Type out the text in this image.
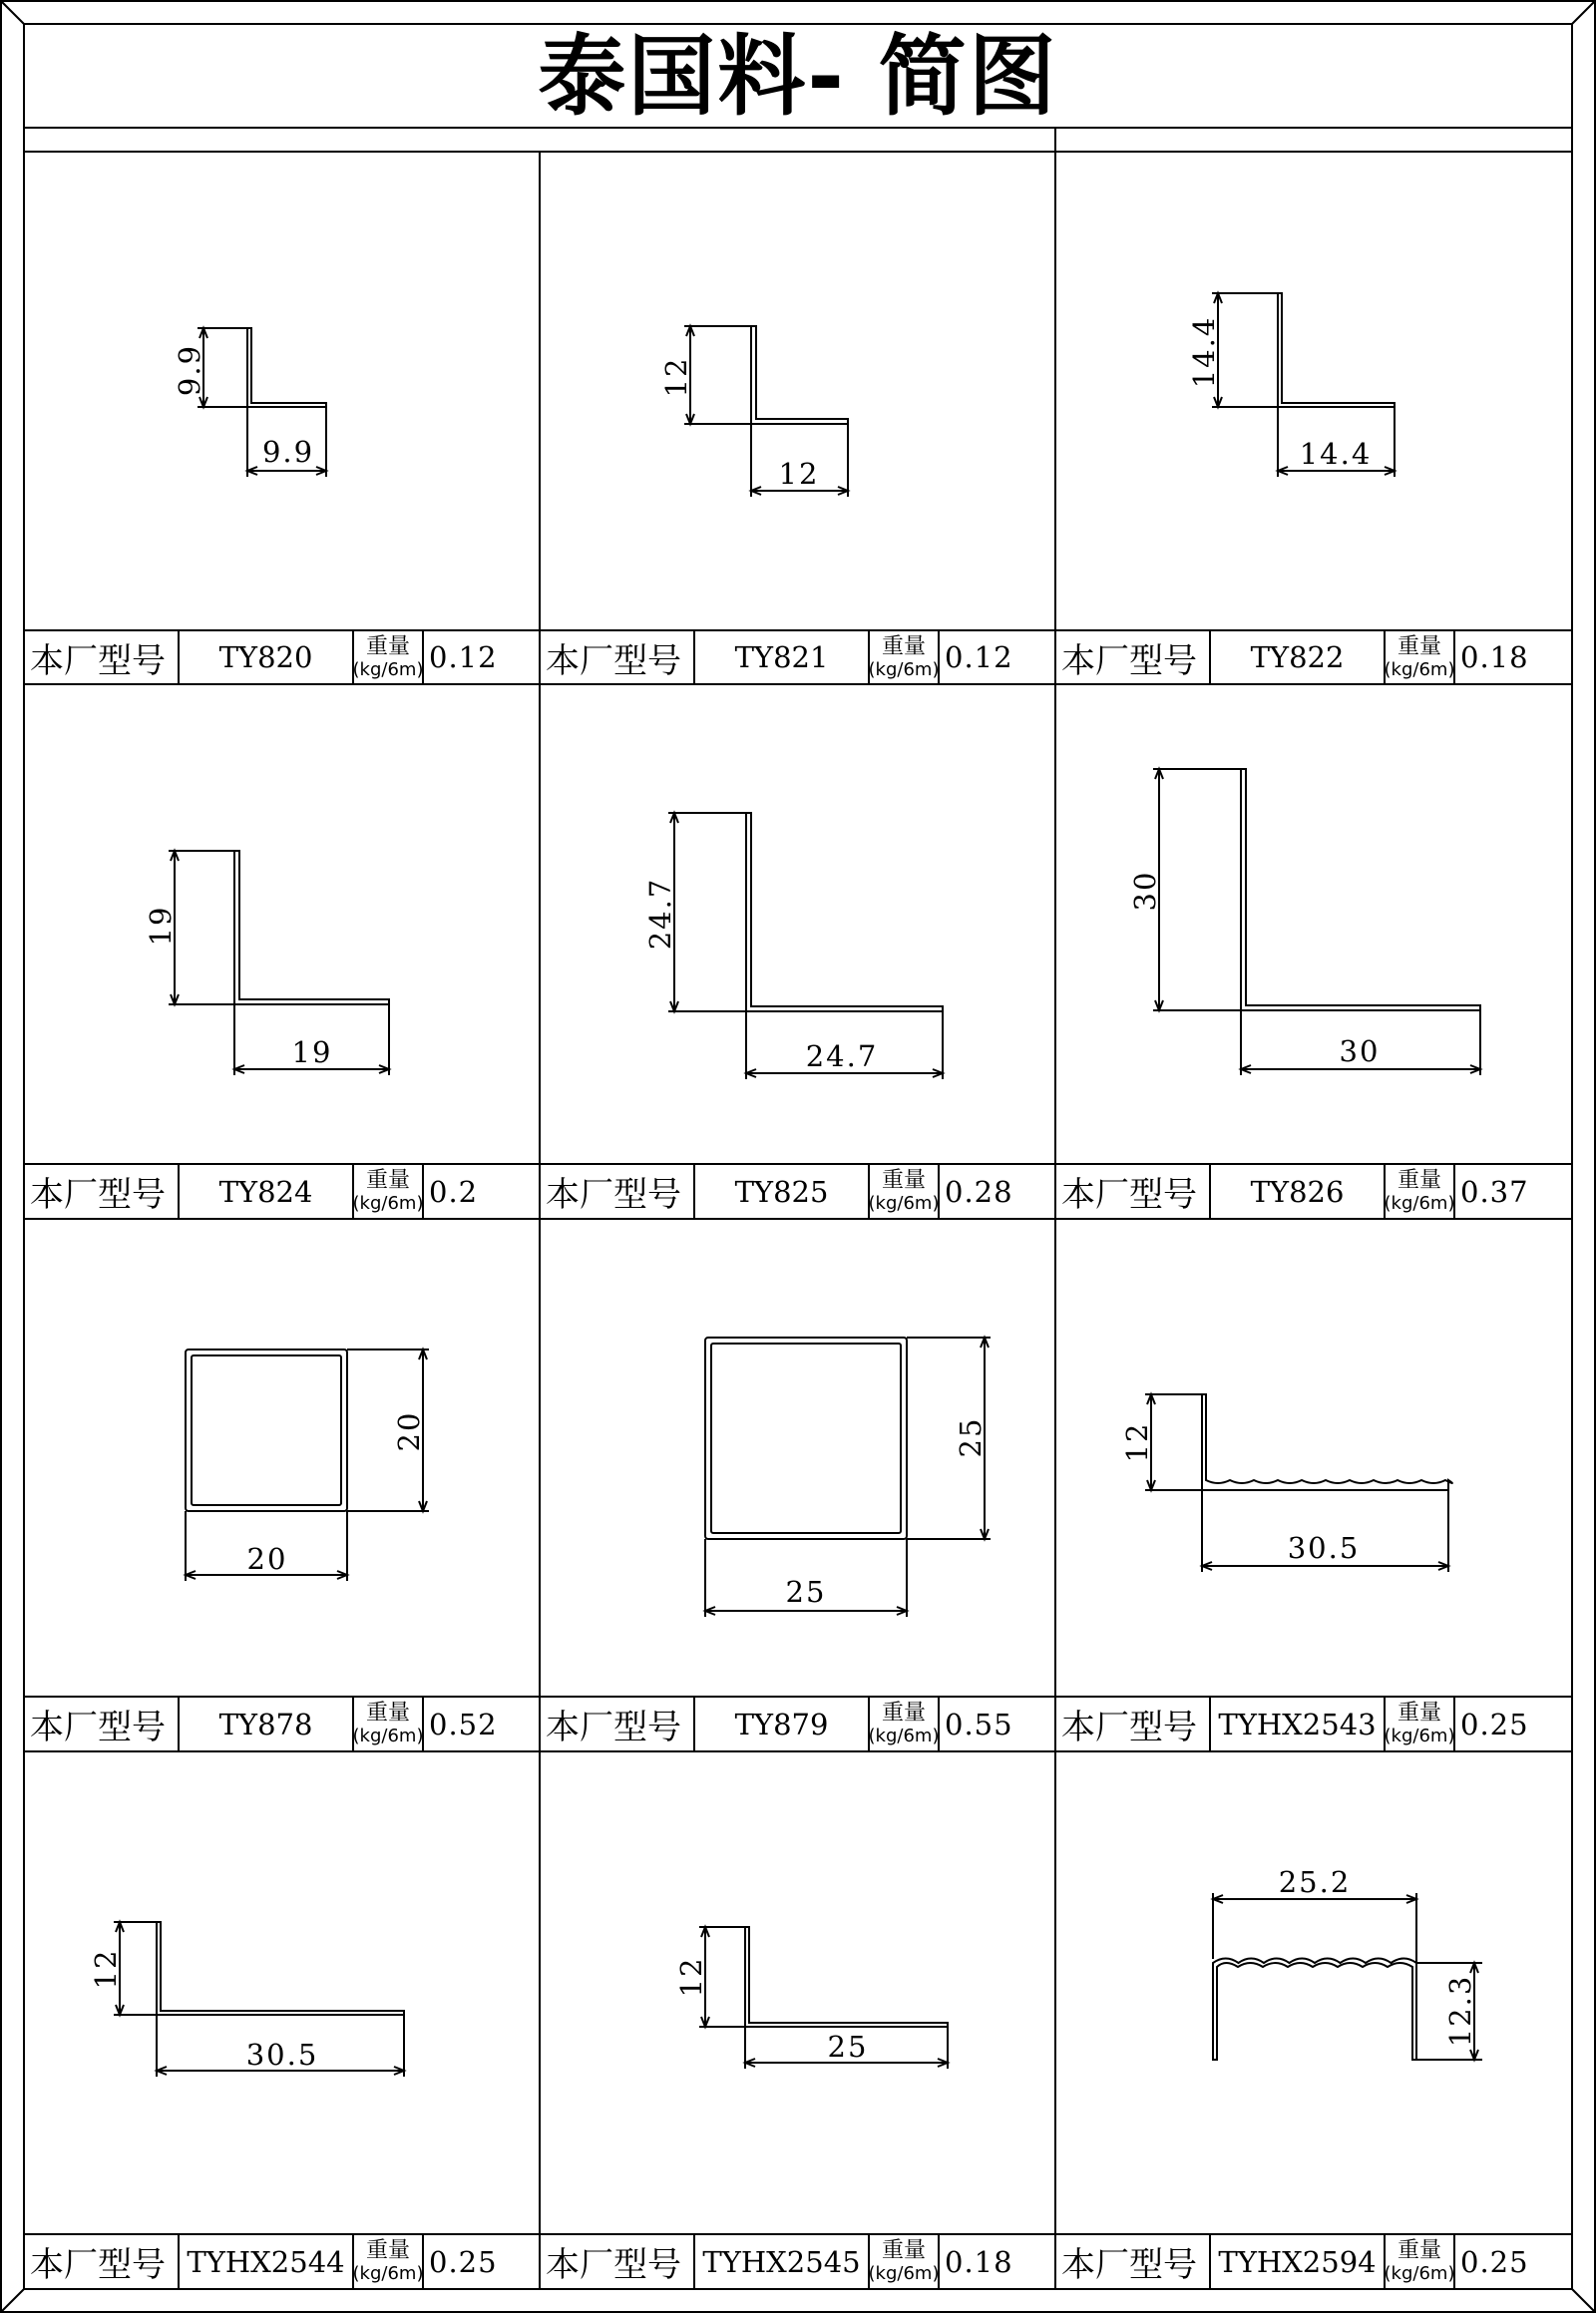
9.9
9.9
12
12
14.4
14.4
19
19
24.7
24.7
30
30
20
20
25
25
12
30.5
12
30.5
12
25
25.2
12.3
泰国料- 简图
本厂型号	TY820	重量
(kg/6m) 0.12 本厂型号	TY821	重量
(kg/6m) 0.12 本厂型号	TY822	重量
(kg/6m) 0.18
本厂型号	TY824	重量
(kg/6m) 0.2 本厂型号	TY825	重量
(kg/6m) 0.28 本厂型号	TY826	重量
(kg/6m) 0.37
本厂型号	TY878	重量
(kg/6m) 0.52 本厂型号	TY879	重量
(kg/6m) 0.55 本厂型号 TYHX2543 重量
(kg/6m) 0.25
本厂型号 TYHX2544 重量
(kg/6m) 0.25 本厂型号 TYHX2545 重量
(kg/6m) 0.18 本厂型号 TYHX2594 重量
(kg/6m) 0.25
